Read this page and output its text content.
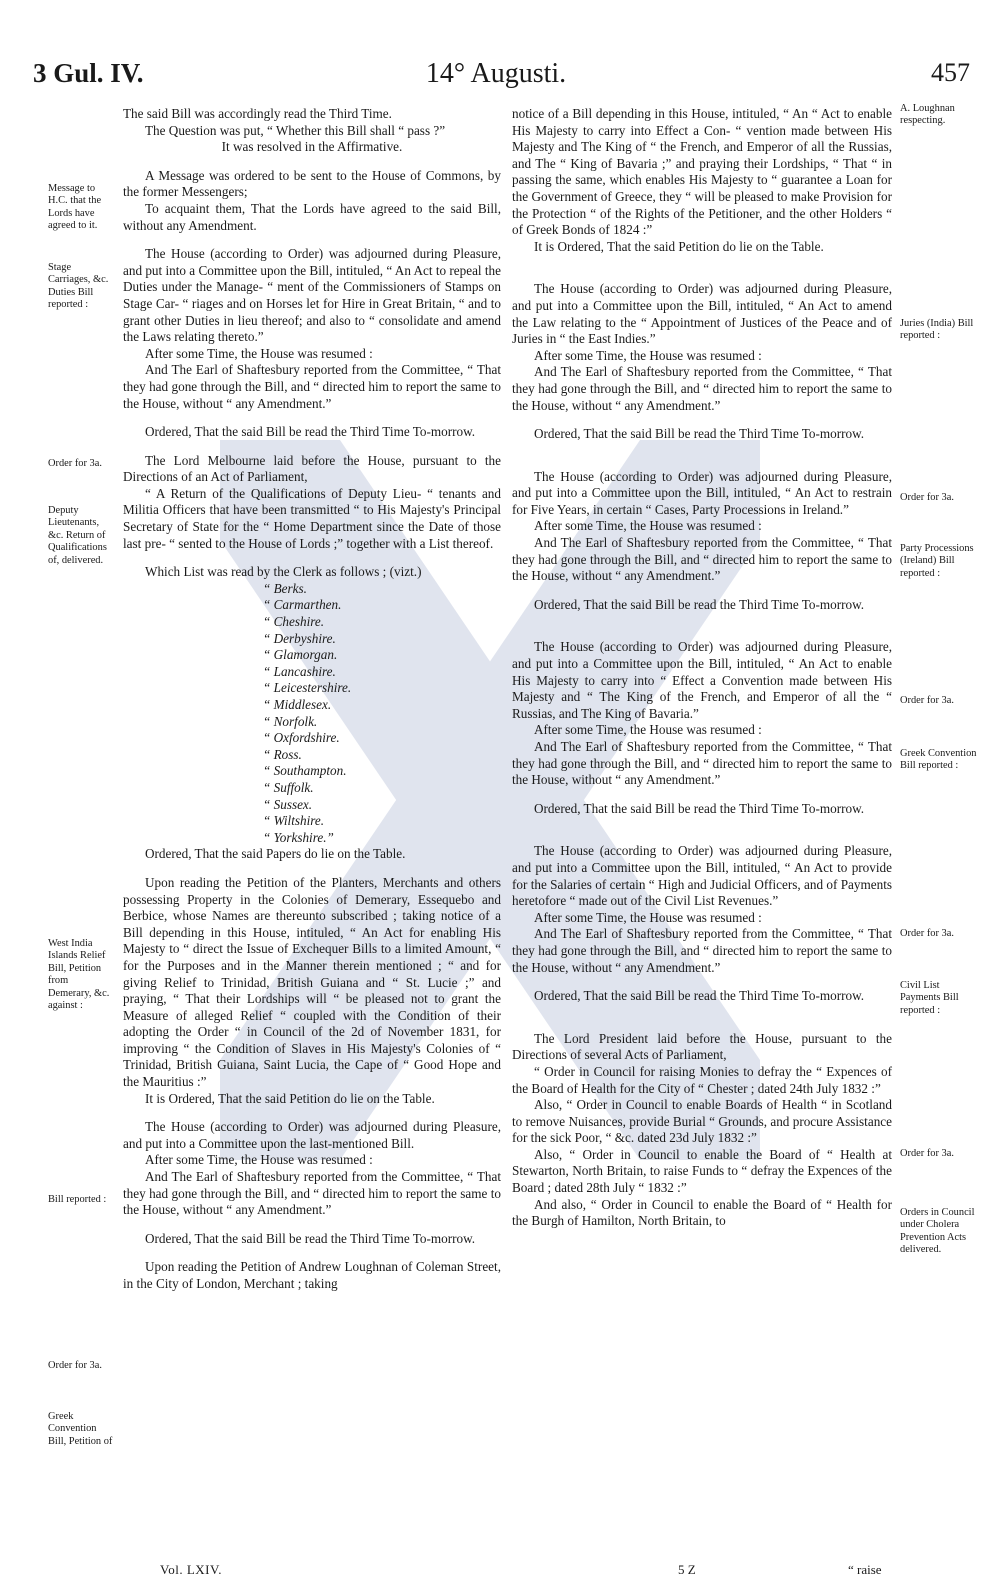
3 Gul. IV.	14° Augusti.	457

The said Bill was accordingly read the Third Time.

The Question was put, “ Whether this Bill shall “ pass ?”

It was resolved in the Affirmative.

A Message was ordered to be sent to the House of Commons, by the former Messengers;

To acquaint them, That the Lords have agreed to the said Bill, without any Amendment.

The House (according to Order) was adjourned during Pleasure, and put into a Committee upon the Bill, intituled, “ An Act to repeal the Duties under the Manage- “ ment of the Commissioners of Stamps on Stage Car- “ riages and on Horses let for Hire in Great Britain, “ and to grant other Duties in lieu thereof; and also to “ consolidate and amend the Laws relating thereto.”

After some Time, the House was resumed :

And The Earl of Shaftesbury reported from the Committee, “ That they had gone through the Bill, and “ directed him to report the same to the House, without “ any Amendment.”

Ordered, That the said Bill be read the Third Time To-morrow.

The Lord Melbourne laid before the House, pursuant to the Directions of an Act of Parliament,

“ A Return of the Qualifications of Deputy Lieu- “ tenants and Militia Officers that have been transmitted “ to His Majesty's Principal Secretary of State for the “ Home Department since the Date of those last pre- “ sented to the House of Lords ;” together with a List thereof.

Which List was read by the Clerk as follows ; (vizt.)

“ Berks.

“ Carmarthen.

“ Cheshire.

“ Derbyshire.

“ Glamorgan.

“ Lancashire.

“ Leicestershire.

“ Middlesex.

“ Norfolk.

“ Oxfordshire.

“ Ross.

“ Southampton.

“ Suffolk.

“ Sussex.

“ Wiltshire.

“ Yorkshire.”

Ordered, That the said Papers do lie on the Table.

Upon reading the Petition of the Planters, Merchants and others possessing Property in the Colonies of Demerary, Essequebo and Berbice, whose Names are thereunto subscribed ; taking notice of a Bill depending in this House, intituled, “ An Act for enabling His Majesty to “ direct the Issue of Exchequer Bills to a limited Amount, “ for the Purposes and in the Manner therein mentioned ; “ and for giving Relief to Trinidad, British Guiana and “ St. Lucie ;” and praying, “ That their Lordships will “ be pleased not to grant the Measure of alleged Relief “ coupled with the Condition of their adopting the Order “ in Council of the 2d of November 1831, for improving “ the Condition of Slaves in His Majesty's Colonies of “ Trinidad, British Guiana, Saint Lucia, the Cape of “ Good Hope and the Mauritius :”

It is Ordered, That the said Petition do lie on the Table.

The House (according to Order) was adjourned during Pleasure, and put into a Committee upon the last-mentioned Bill.

After some Time, the House was resumed :

And The Earl of Shaftesbury reported from the Committee, “ That they had gone through the Bill, and “ directed him to report the same to the House, without “ any Amendment.”

Ordered, That the said Bill be read the Third Time To-morrow.

Upon reading the Petition of Andrew Loughnan of Coleman Street, in the City of London, Merchant ; taking

notice of a Bill depending in this House, intituled, “ An “ Act to enable His Majesty to carry into Effect a Con- “ vention made between His Majesty and The King of “ the French, and Emperor of all the Russias, and The “ King of Bavaria ;” and praying their Lordships, “ That “ in passing the same, which enables His Majesty to “ guarantee a Loan for the Government of Greece, they “ will be pleased to make Provision for the Protection “ of the Rights of the Petitioner, and the other Holders “ of Greek Bonds of 1824 :”

It is Ordered, That the said Petition do lie on the Table.

The House (according to Order) was adjourned during Pleasure, and put into a Committee upon the Bill, intituled, “ An Act to amend the Law relating to the “ Appointment of Justices of the Peace and of Juries in “ the East Indies.”

After some Time, the House was resumed :

And The Earl of Shaftesbury reported from the Committee, “ That they had gone through the Bill, and “ directed him to report the same to the House, without “ any Amendment.”

Ordered, That the said Bill be read the Third Time To-morrow.

The House (according to Order) was adjourned during Pleasure, and put into a Committee upon the Bill, intituled, “ An Act to restrain for Five Years, in certain “ Cases, Party Processions in Ireland.”

After some Time, the House was resumed :

And The Earl of Shaftesbury reported from the Committee, “ That they had gone through the Bill, and “ directed him to report the same to the House, without “ any Amendment.”

Ordered, That the said Bill be read the Third Time To-morrow.

The House (according to Order) was adjourned during Pleasure, and put into a Committee upon the Bill, intituled, “ An Act to enable His Majesty to carry into “ Effect a Convention made between His Majesty and “ The King of the French, and Emperor of all the “ Russias, and The King of Bavaria.”

After some Time, the House was resumed :

And The Earl of Shaftesbury reported from the Committee, “ That they had gone through the Bill, and “ directed him to report the same to the House, without “ any Amendment.”

Ordered, That the said Bill be read the Third Time To-morrow.

The House (according to Order) was adjourned during Pleasure, and put into a Committee upon the Bill, intituled, “ An Act to provide for the Salaries of certain “ High and Judicial Officers, and of Payments heretofore “ made out of the Civil List Revenues.”

After some Time, the House was resumed :

And The Earl of Shaftesbury reported from the Committee, “ That they had gone through the Bill, and “ directed him to report the same to the House, without “ any Amendment.”

Ordered, That the said Bill be read the Third Time To-morrow.

The Lord President laid before the House, pursuant to the Directions of several Acts of Parliament,

“ Order in Council for raising Monies to defray the “ Expences of the Board of Health for the City of “ Chester ; dated 24th July 1832 :”

Also, “ Order in Council to enable Boards of Health “ in Scotland to remove Nuisances, provide Burial “ Grounds, and procure Assistance for the sick Poor, “ &c. dated 23d July 1832 :”

Also, “ Order in Council to enable the Board of “ Health at Stewarton, North Britain, to raise Funds to “ defray the Expences of the Board ; dated 28th July “ 1832 :”

And also, “ Order in Council to enable the Board of “ Health for the Burgh of Hamilton, North Britain, to

Message to H.C. that the Lords have agreed to it.
Stage Carriages, &c. Duties Bill reported :
Order for 3a.
Deputy Lieutenants, &c. Return of Qualifications of, delivered.
West India Islands Relief Bill, Petition from Demerary, &c. against :
Bill reported :
Order for 3a.
Greek Convention Bill, Petition of
A. Loughnan respecting.
Juries (India) Bill reported :
Order for 3a.
Party Processions (Ireland) Bill reported :
Order for 3a.
Greek Convention Bill reported :
Order for 3a.
Civil List Payments Bill reported :
Order for 3a.
Orders in Council under Cholera Prevention Acts delivered.
Vol. LXIV.	5 Z	“ raise
